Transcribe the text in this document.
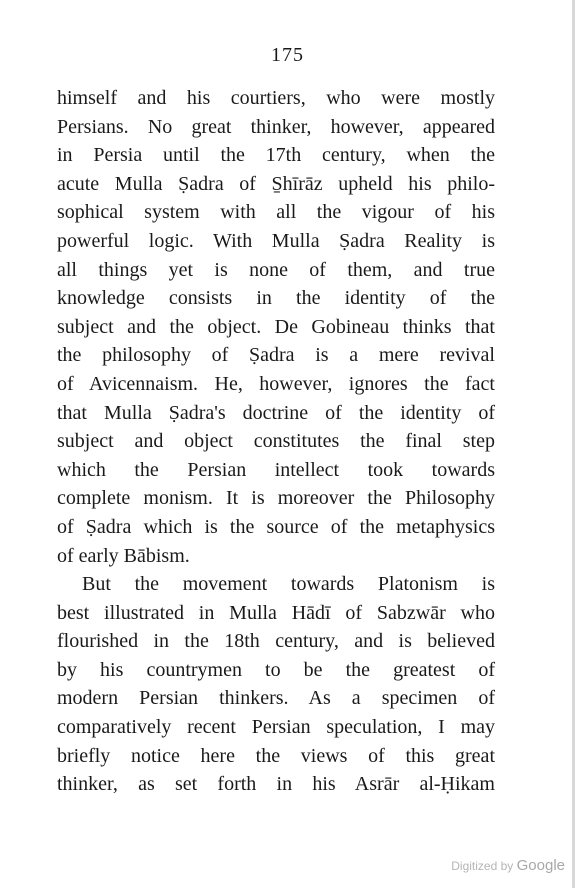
175
himself and his courtiers, who were mostly
Persians. No great thinker, however, appeared
in Persia until the 17th century, when the
acute Mulla Ṣadra of S̱hīrāz upheld his philo-
sophical system with all the vigour of his
powerful logic. With Mulla Ṣadra Reality is
all things yet is none of them, and true
knowledge consists in the identity of the
subject and the object. De Gobineau thinks that
the philosophy of Ṣadra is a mere revival
of Avicennaism. He, however, ignores the fact
that Mulla Ṣadra's doctrine of the identity of
subject and object constitutes the final step
which the Persian intellect took towards
complete monism. It is moreover the Philosophy
of Ṣadra which is the source of the metaphysics
of early Bābism.
But the movement towards Platonism is
best illustrated in Mulla Hādī of Sabzwār who
flourished in the 18th century, and is believed
by his countrymen to be the greatest of
modern Persian thinkers. As a specimen of
comparatively recent Persian speculation, I may
briefly notice here the views of this great
thinker, as set forth in his Asrār al-Ḥikam
Digitized by Google
